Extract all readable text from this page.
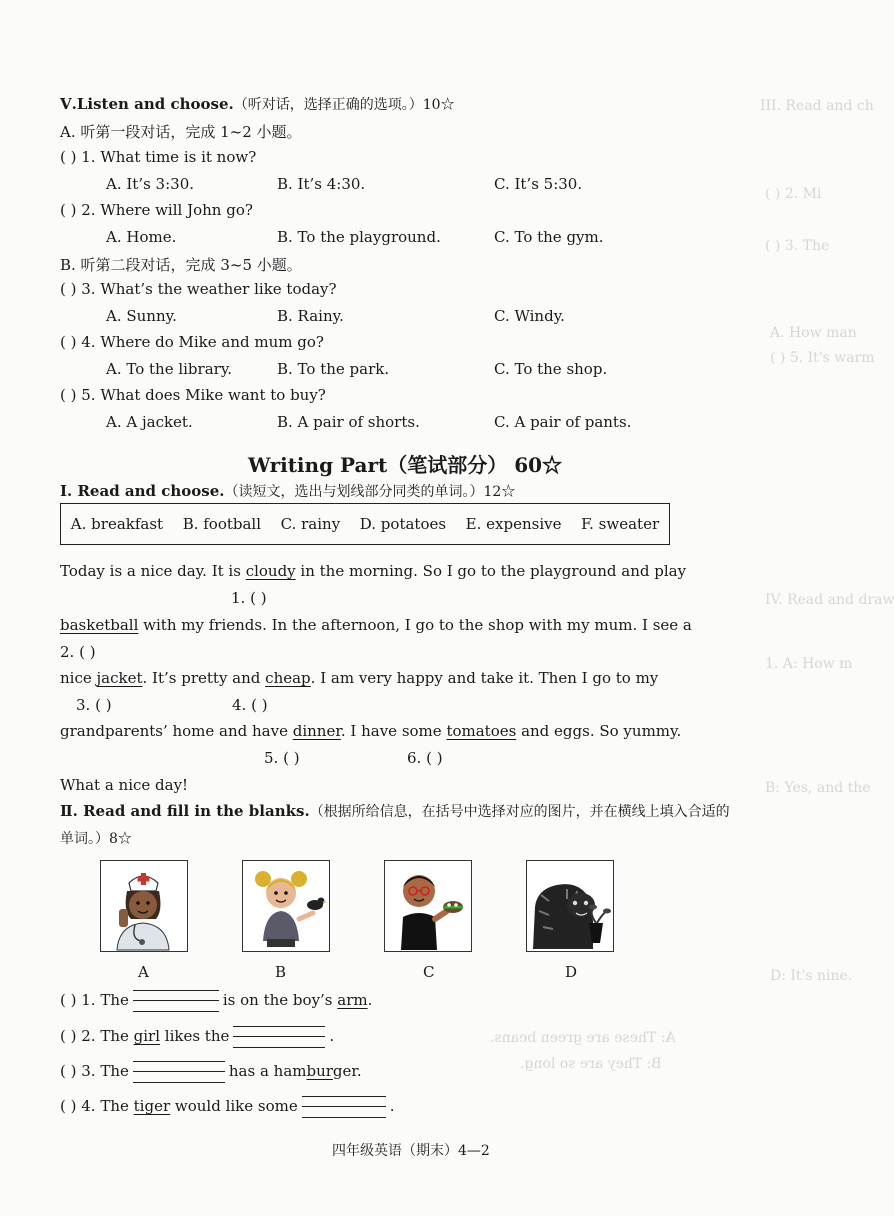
III. Read and ch
( ) 2. Mi
( ) 3. The
A. How man
( ) 5. It's warm
IV. Read and draw
1. A: How m
B: Yes, and the
D: It's nine.
A: These are green beans.
B: They are so long.
Ⅴ.Listen and choose.（听对话，选择正确的选项。）10☆
A. 听第一段对话，完成 1~2 小题。
( ) 1. What time is it now?
A. It’s 3:30.	B. It’s 4:30.	C. It’s 5:30.
( ) 2. Where will John go?
A. Home.	B. To the playground.	C. To the gym.
B. 听第二段对话，完成 3~5 小题。
( ) 3. What’s the weather like today?
A. Sunny.	B. Rainy.	C. Windy.
( ) 4. Where do Mike and mum go?
A. To the library.	B. To the park.	C. To the shop.
( ) 5. What does Mike want to buy?
A. A jacket.	B. A pair of shorts.	C. A pair of pants.
Writing Part（笔试部分） 60☆
Ⅰ. Read and choose.（读短文，选出与划线部分同类的单词。）12☆
A. breakfast B. football C. rainy D. potatoes E. expensive F. sweater
Today is a nice day. It is cloudy in the morning. So I go to the playground and play
1. ( )
basketball with my friends. In the afternoon, I go to the shop with my mum. I see a
2. ( )
nice jacket. It’s pretty and cheap. I am very happy and take it. Then I go to my
3. ( )	4. ( )
grandparents’ home and have dinner. I have some tomatoes and eggs. So yummy.
5. ( )	6. ( )
What a nice day!
Ⅱ. Read and fill in the blanks.（根据所给信息，在括号中选择对应的图片，并在横线上填入合适的
单词。）8☆
A	B	C	D
( ) 1. The	is on the boy’s arm.
( ) 2. The girl likes the	.
( ) 3. The	has a hamburger.
( ) 4. The tiger would like some	.
四年级英语（期末）4—2
